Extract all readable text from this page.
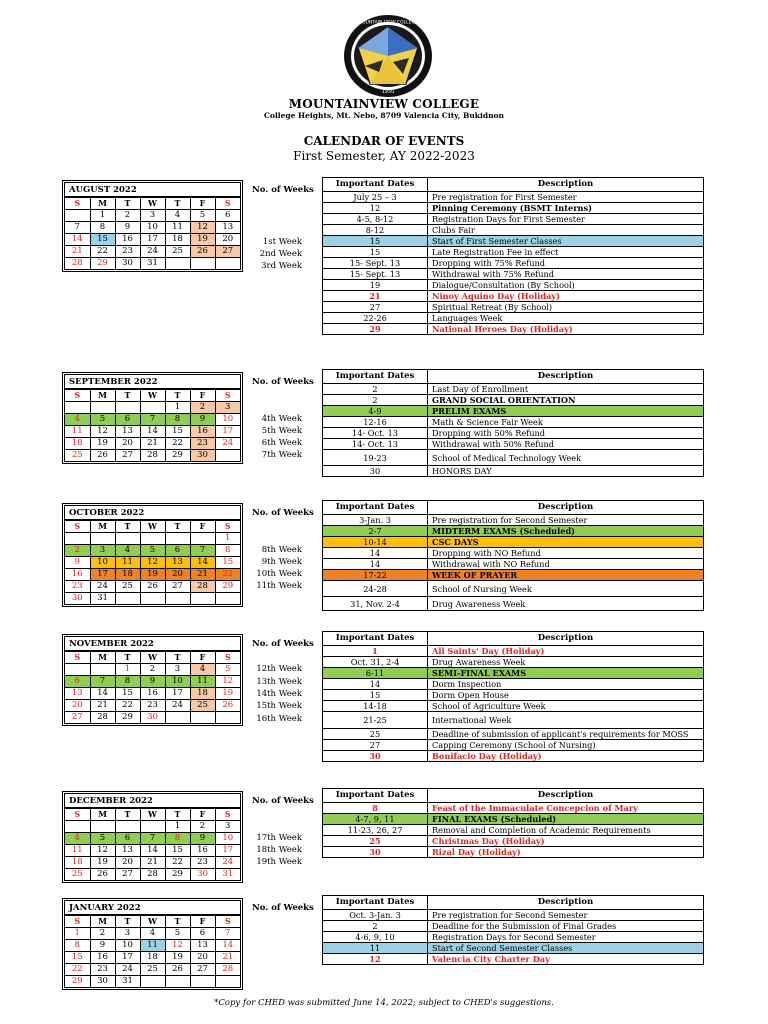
1950
MOUNTAIN VIEW COLLEGE
MOUNTAINVIEW COLLEGE
College Heights, Mt. Nebo, 8709 Valencia City, Bukidnon
CALENDAR OF EVENTS
First Semester, AY 2022-2023
AUGUST 2022
S	M	T	W	T	F	S
	1	2	3	4	5	6
7	8	9	10	11	12	13
14	15	16	17	18	19	20
21	22	23	24	25	26	27
28	29	30	31			
No. of Weeks
1st Week
2nd Week
3rd Week
Important Dates	Description
July 25 – 3	Pre registration for First Semester
12	Pinning Ceremony (BSMT Interns)
4-5, 8-12	Registration Days for First Semester
8-12	Clubs Fair
15	Start of First Semester Classes
15	Late Registration Fee in effect
15- Sept. 13	Dropping with 75% Refund
15- Sept. 13	Withdrawal with 75% Refund
19	Dialogue/Consultation (By School)
21	Ninoy Aquino Day (Holiday)
27	Spiritual Retreat (By School)
22-26	Languages Week
29	National Heroes Day (Holiday)
SEPTEMBER 2022
S	M	T	W	T	F	S
				1	2	3
4	5	6	7	8	9	10
11	12	13	14	15	16	17
18	19	20	21	22	23	24
25	26	27	28	29	30	
No. of Weeks
4th Week
5th Week
6th Week
7th Week
Important Dates	Description
2	Last Day of Enrollment
2	GRAND SOCIAL ORIENTATION
4-9	PRELIM EXAMS
12-16	Math & Science Fair Week
14- Oct. 13	Dropping with 50% Refund
14- Oct. 13	Withdrawal with 50% Refund
19-23	School of Medical Technology Week
30	HONORS DAY
OCTOBER 2022
S	M	T	W	T	F	S
						1
2	3	4	5	6	7	8
9	10	11	12	13	14	15
16	17	18	19	20	21	22
23	24	25	26	27	28	29
30	31					
No. of Weeks
8th Week
9th Week
10th Week
11th Week
Important Dates	Description
3-Jan. 3	Pre registration for Second Semester
2-7	MIDTERM EXAMS (Scheduled)
10-14	CSC DAYS
14	Dropping with NO Refund
14	Withdrawal with NO Refund
17-22	WEEK OF PRAYER
24-28	School of Nursing Week
31, Nov. 2-4	Drug Awareness Week
NOVEMBER 2022
S	M	T	W	T	F	S
		1	2	3	4	5
6	7	8	9	10	11	12
13	14	15	16	17	18	19
20	21	22	23	24	25	26
27	28	29	30			
No. of Weeks
12th Week
13th Week
14th Week
15th Week
16th Week
Important Dates	Description
1	All Saints' Day (Holiday)
Oct. 31, 2-4	Drug Awareness Week
6-11	SEMI-FINAL EXAMS
14	Dorm Inspection
15	Dorm Open House
14-18	School of Agriculture Week
21-25	International Week
25	Deadline of submission of applicant's requirements for MOSS
27	Capping Ceremony (School of Nursing)
30	Bonifacio Day (Holiday)
DECEMBER 2022
S	M	T	W	T	F	S
				1	2	3
4	5	6	7	8	9	10
11	12	13	14	15	16	17
18	19	20	21	22	23	24
25	26	27	28	29	30	31
No. of Weeks
17th Week
18th Week
19th Week
Important Dates	Description
8	Feast of the Immaculate Concepcion of Mary
4-7, 9, 11	FINAL EXAMS (Scheduled)
11-23, 26, 27	Removal and Completion of Academic Requirements
25	Christmas Day (Holiday)
30	Rizal Day (Holiday)
JANUARY 2022
S	M	T	W	T	F	S
1	2	3	4	5	6	7
8	9	10	11	12	13	14
15	16	17	18	19	20	21
22	23	24	25	26	27	28
29	30	31				
No. of Weeks
Important Dates	Description
Oct. 3-Jan. 3	Pre registration for Second Semester
2	Deadline for the Submission of Final Grades
4-6, 9, 10	Registration Days for Second Semester
11	Start of Second Semester Classes
12	Valencia City Charter Day
*Copy for CHED was submitted June 14, 2022; subject to CHED's suggestions.
